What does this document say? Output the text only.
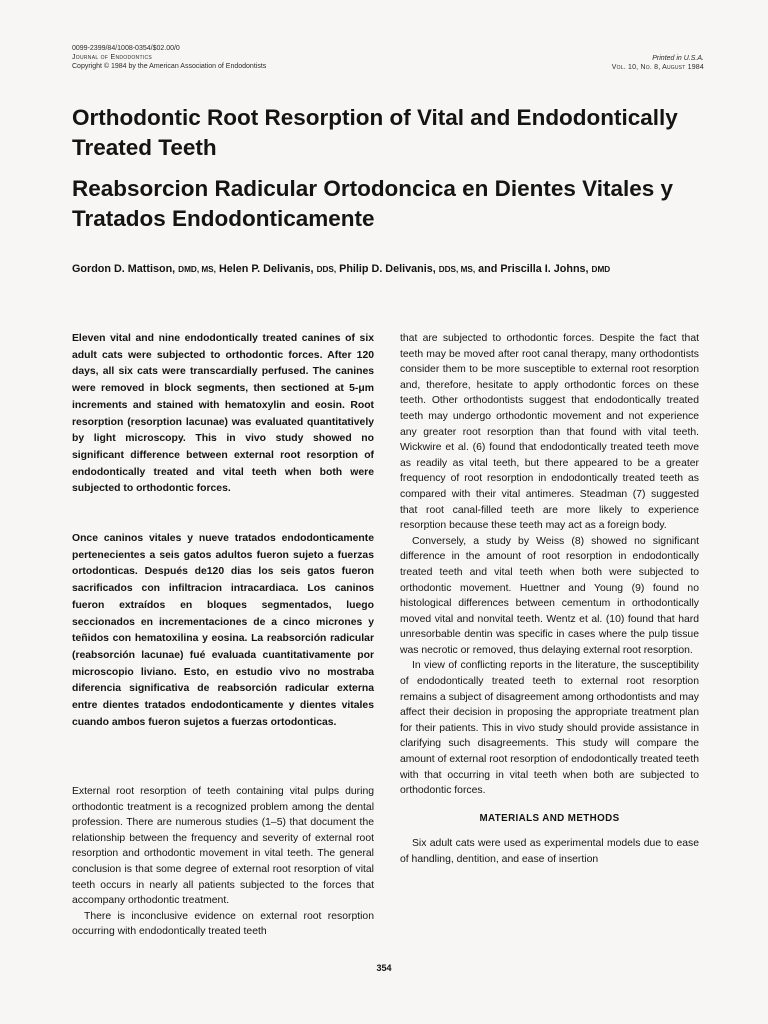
0099-2399/84/1008-0354/$02.00/0
Journal of Endodontics
Copyright © 1984 by the American Association of Endodontists
Printed in U.S.A.
Vol. 10, No. 8, August 1984
Orthodontic Root Resorption of Vital and Endodontically Treated Teeth
Reabsorcion Radicular Ortodoncica en Dientes Vitales y Tratados Endodonticamente
Gordon D. Mattison, DMD, MS, Helen P. Delivanis, DDS, Philip D. Delivanis, DDS, MS, and Priscilla I. Johns, DMD

Eleven vital and nine endodontically treated canines of six adult cats were subjected to orthodontic forces. After 120 days, all six cats were transcardially perfused. The canines were removed in block segments, then sectioned at 5-μm increments and stained with hematoxylin and eosin. Root resorption (resorption lacunae) was evaluated quantitatively by light microscopy. This in vivo study showed no significant difference between external root resorption of endodontically treated and vital teeth when both were subjected to orthodontic forces.

Once caninos vitales y nueve tratados endodonticamente pertenecientes a seis gatos adultos fueron sujeto a fuerzas ortodonticas. Después de120 dias los seis gatos fueron sacrificados con infiltracion intracardiaca. Los caninos fueron extraídos en bloques segmentados, luego seccionados en incrementaciones de a cinco micrones y teñidos con hematoxilina y eosina. La reabsorción radicular (reabsorción lacunae) fué evaluada cuantitativamente por microscopio liviano. Esto, en estudio vivo no mostraba diferencia significativa de reabsorción radicular externa entre dientes tratados endodonticamente y dientes vitales cuando ambos fueron sujetos a fuerzas ortodonticas.

External root resorption of teeth containing vital pulps during orthodontic treatment is a recognized problem among the dental profession. There are numerous studies (1–5) that document the relationship between the frequency and severity of external root resorption and orthodontic movement in vital teeth. The general conclusion is that some degree of external root resorption of vital teeth occurs in nearly all patients subjected to the forces that accompany orthodontic treatment.

There is inconclusive evidence on external root resorption occurring with endodontically treated teeth

that are subjected to orthodontic forces. Despite the fact that teeth may be moved after root canal therapy, many orthodontists consider them to be more susceptible to external root resorption and, therefore, hesitate to apply orthodontic forces on these teeth. Other orthodontists suggest that endodontically treated teeth may undergo orthodontic movement and not experience any greater root resorption than that found with vital teeth. Wickwire et al. (6) found that endodontically treated teeth move as readily as vital teeth, but there appeared to be a greater frequency of root resorption in endodontically treated teeth as compared with their vital antimeres. Steadman (7) suggested that root canal-filled teeth are more likely to experience resorption because these teeth may act as a foreign body.

Conversely, a study by Weiss (8) showed no significant difference in the amount of root resorption in endodontically treated teeth and vital teeth when both were subjected to orthodontic movement. Huettner and Young (9) found no histological differences between cementum in orthodontically moved vital and nonvital teeth. Wentz et al. (10) found that hard unresorbable dentin was specific in cases where the pulp tissue was necrotic or removed, thus delaying external root resorption.

In view of conflicting reports in the literature, the susceptibility of endodontically treated teeth to external root resorption remains a subject of disagreement among orthodontists and may affect their decision in proposing the appropriate treatment plan for their patients. This in vivo study should provide assistance in clarifying such disagreements. This study will compare the amount of external root resorption of endodontically treated teeth with that occurring in vital teeth when both are subjected to orthodontic forces.

MATERIALS AND METHODS

Six adult cats were used as experimental models due to ease of handling, dentition, and ease of insertion

354
